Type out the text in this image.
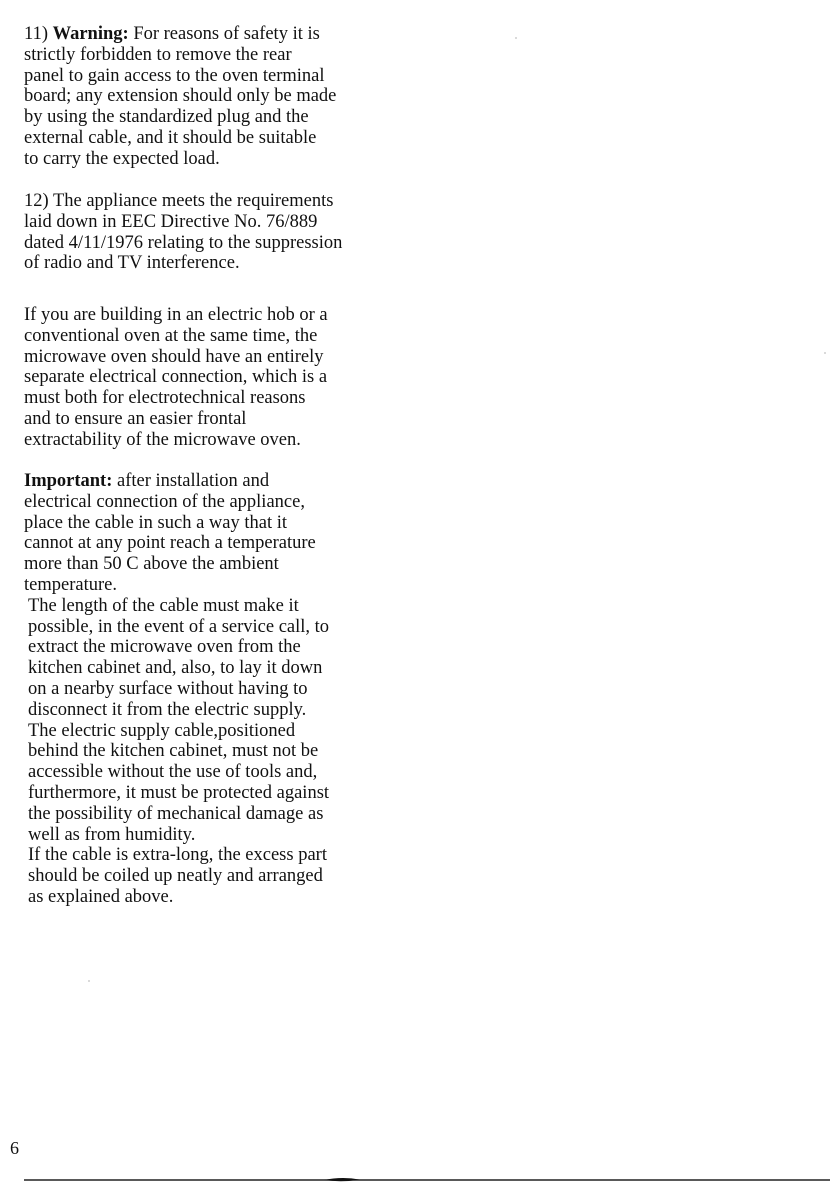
11) Warning: For reasons of safety it is
strictly forbidden to remove the rear
panel to gain access to the oven terminal
board; any extension should only be made
by using the standardized plug and the
external cable, and it should be suitable
to carry the expected load.

12) The appliance meets the requirements
laid down in EEC Directive No. 76/889
dated 4/11/1976 relating to the suppression
of radio and TV interference.

If you are building in an electric hob or a
conventional oven at the same time, the
microwave oven should have an entirely
separate electrical connection, which is a
must both for electrotechnical reasons
and to ensure an easier frontal
extractability of the microwave oven.

Important: after installation and
electrical connection of the appliance,
place the cable in such a way that it
cannot at any point reach a temperature
more than 50 C above the ambient
temperature.
The length of the cable must make it
possible, in the event of a service call, to
extract the microwave oven from the
kitchen cabinet and, also, to lay it down
on a nearby surface without having to
disconnect it from the electric supply.
The electric supply cable,positioned
behind the kitchen cabinet, must not be
accessible without the use of tools and,
furthermore, it must be protected against
the possibility of mechanical damage as
well as from humidity.
If the cable is extra-long, the excess part
should be coiled up neatly and arranged
as explained above.

6
